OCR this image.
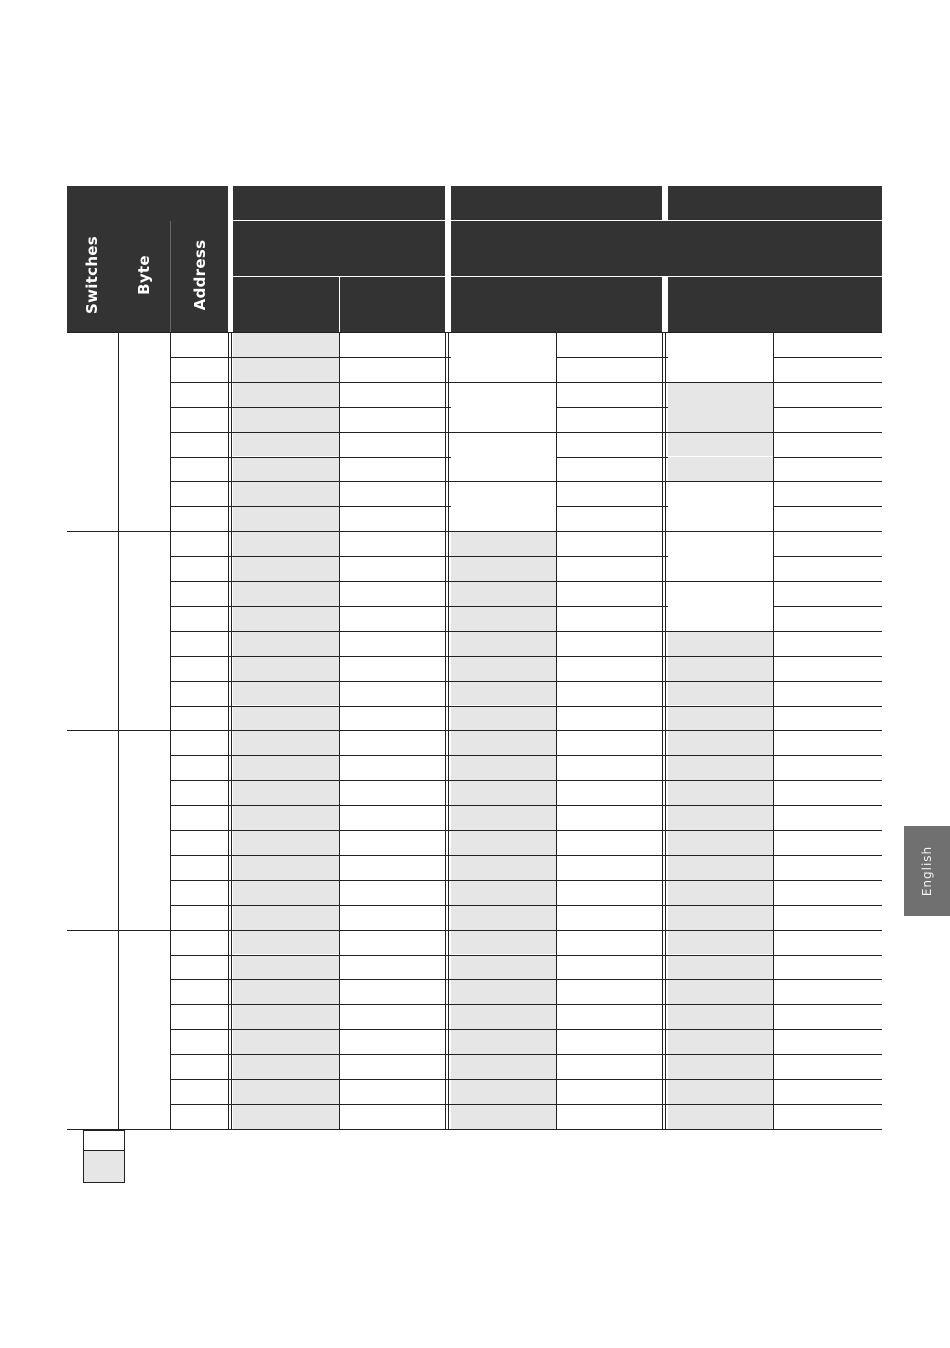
Switches Byte	Address
English
